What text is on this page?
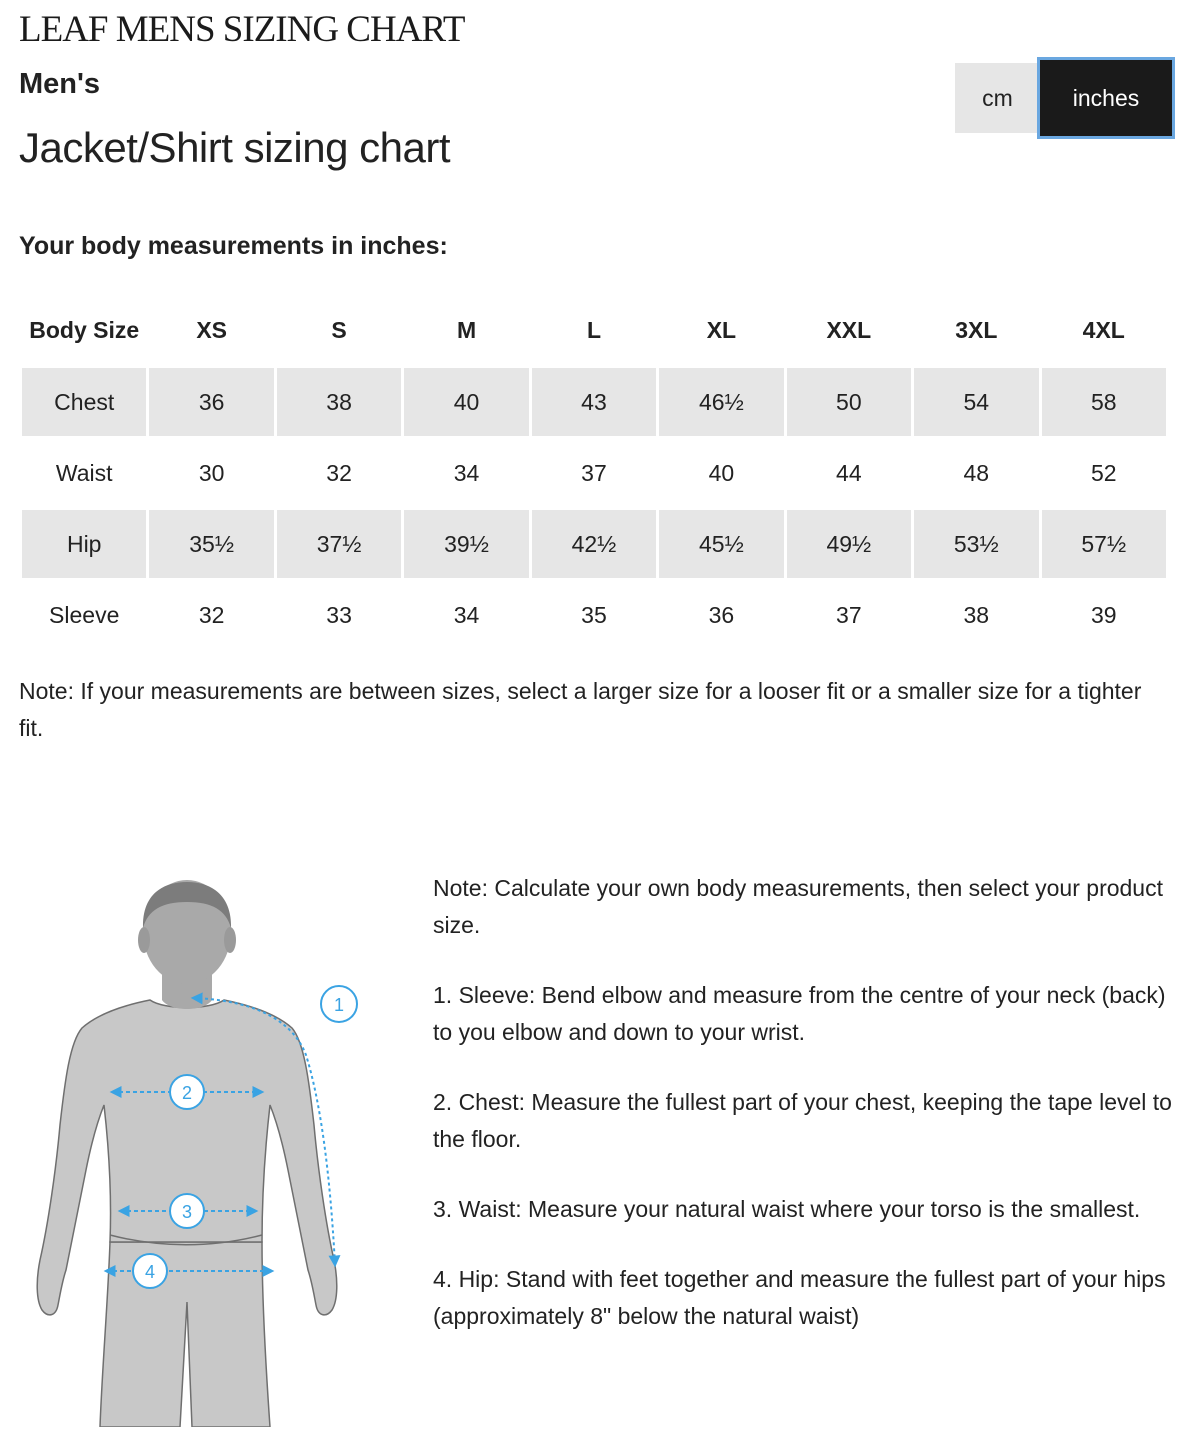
LEAF MENS SIZING CHART
Men's
Jacket/Shirt sizing chart
cm	inches
Your body measurements in inches:
Body Size	XS	S	M	L	XL	XXL	3XL	4XL
Chest	36	38	40	43	46½	50	54	58
Waist	30	32	34	37	40	44	48	52
Hip	35½	37½	39½	42½	45½	49½	53½	57½
Sleeve	32	33	34	35	36	37	38	39

Note: If your measurements are between sizes, select a larger size for a looser fit or a smaller size for a tighter fit.

1
2
3
4

Note: Calculate your own body measurements, then select your product size.

1. Sleeve: Bend elbow and measure from the centre of your neck (back) to you elbow and down to your wrist.

2. Chest: Measure the fullest part of your chest, keeping the tape level to the floor.

3. Waist: Measure your natural waist where your torso is the smallest.

4. Hip: Stand with feet together and measure the fullest part of your hips (approximately 8" below the natural waist)
